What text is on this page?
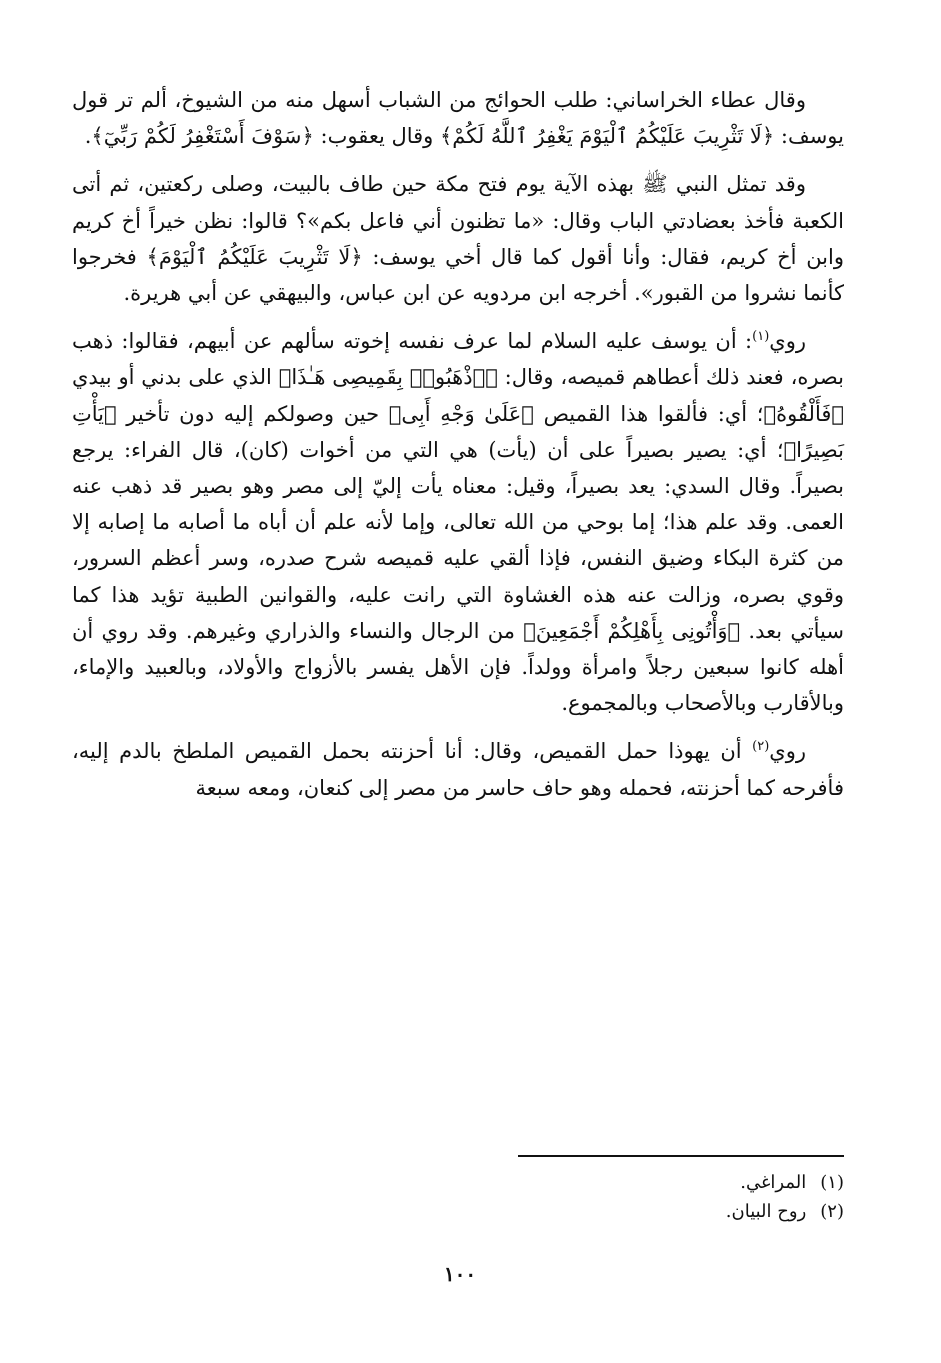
وقال عطاء الخراساني: طلب الحوائج من الشباب أسهل منه من الشيوخ، ألم تر قول يوسف: ﴿لَا تَثْرِيبَ عَلَيْكُمُ ٱلْيَوْمَ يَغْفِرُ ٱللَّهُ لَكُمْ﴾ وقال يعقوب: ﴿سَوْفَ أَسْتَغْفِرُ لَكُمْ رَبِّيٓ﴾.

وقد تمثل النبي ﷺ بهذه الآية يوم فتح مكة حين طاف بالبيت، وصلى ركعتين، ثم أتى الكعبة فأخذ بعضادتي الباب وقال: «ما تظنون أني فاعل بكم»؟ قالوا: نظن خيراً أخ كريم وابن أخ كريم، فقال: وأنا أقول كما قال أخي يوسف: ﴿لَا تَثْرِيبَ عَلَيْكُمُ ٱلْيَوْمَ﴾ فخرجوا كأنما نشروا من القبور». أخرجه ابن مردويه عن ابن عباس، والبيهقي عن أبي هريرة.

روي$^{(١)}$: أن يوسف عليه السلام لما عرف نفسه إخوته سألهم عن أبيهم، فقالوا: ذهب بصره، فعند ذلك أعطاهم قميصه، وقال: ﴿ٱذْهَبُوا۟ بِقَمِيصِى هَـٰذَا﴾ الذي على بدني أو بيدي ﴿فَأَلْقُوهُ﴾؛ أي: فألقوا هذا القميص ﴿عَلَىٰ وَجْهِ أَبِى﴾ حين وصولكم إليه دون تأخير ﴿يَأْتِ بَصِيرًا﴾؛ أي: يصير بصيراً على أن (يأت) هي التي من أخوات (كان)، قال الفراء: يرجع بصيراً. وقال السدي: يعد بصيراً، وقيل: معناه يأت إليّ إلى مصر وهو بصير قد ذهب عنه العمى. وقد علم هذا؛ إما بوحي من الله تعالى، وإما لأنه علم أن أباه ما أصابه ما إصابه إلا من كثرة البكاء وضيق النفس، فإذا ألقي عليه قميصه شرح صدره، وسر أعظم السرور، وقوي بصره، وزالت عنه هذه الغشاوة التي رانت عليه، والقوانين الطبية تؤيد هذا كما سيأتي بعد. ﴿وَأْتُونِى بِأَهْلِكُمْ أَجْمَعِينَ﴾ من الرجال والنساء والذراري وغيرهم. وقد روي أن أهله كانوا سبعين رجلاً وامرأة وولداً. فإن الأهل يفسر بالأزواج والأولاد، وبالعبيد والإماء، وبالأقارب وبالأصحاب وبالمجموع.

روي$^{(٢)}$ أن يهوذا حمل القميص، وقال: أنا أحزنته بحمل القميص الملطخ بالدم إليه، فأفرحه كما أحزنته، فحمله وهو حاف حاسر من مصر إلى كنعان، ومعه سبعة

(١)المراغي.
(٢)روح البيان.
١٠٠
